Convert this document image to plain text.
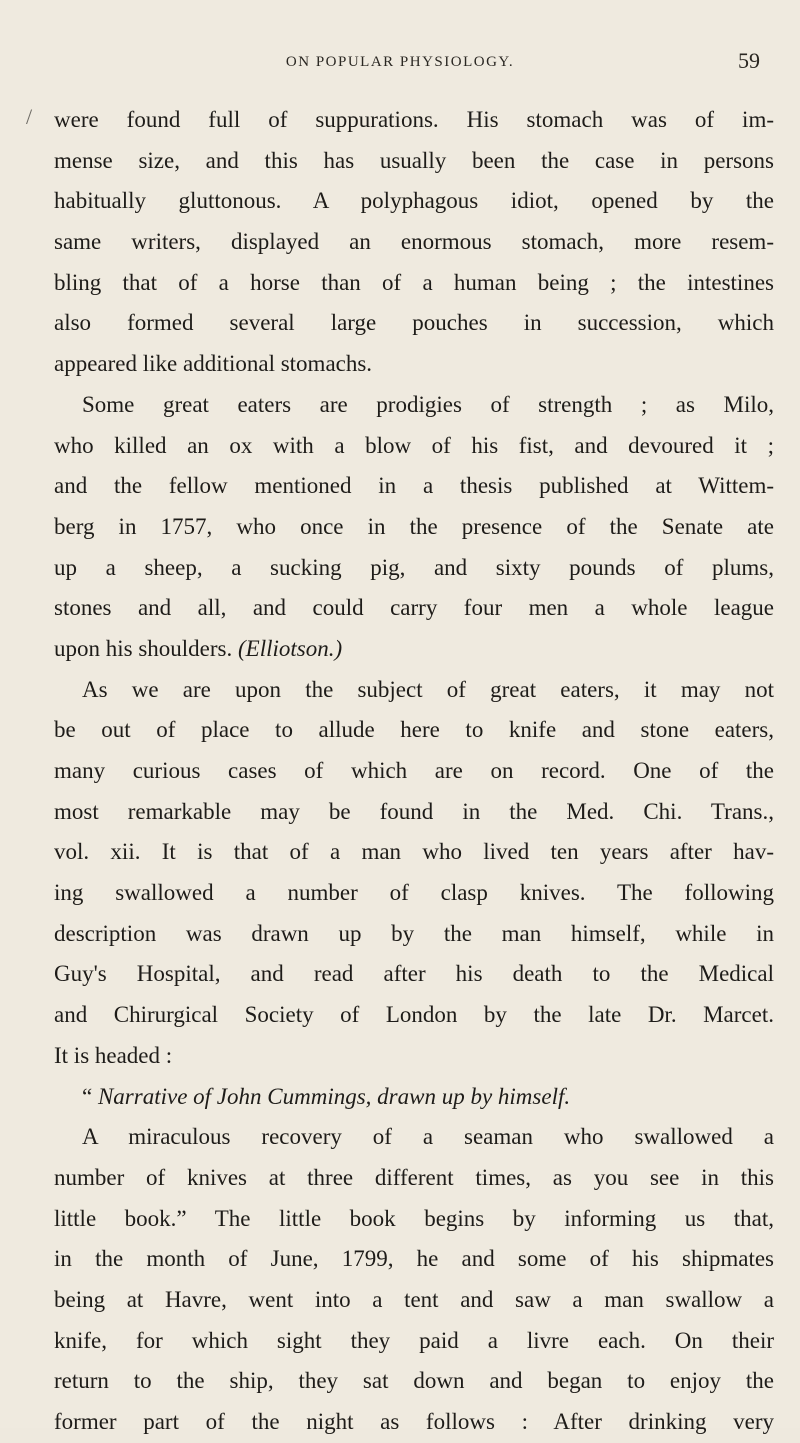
ON POPULAR PHYSIOLOGY.	59
/ were found full of suppurations. His stomach was of im-
mense size, and this has usually been the case in persons
habitually gluttonous. A polyphagous idiot, opened by the
same writers, displayed an enormous stomach, more resem-
bling that of a horse than of a human being ; the intestines
also formed several large pouches in succession, which
appeared like additional stomachs.
Some great eaters are prodigies of strength ; as Milo,
who killed an ox with a blow of his fist, and devoured it ;
and the fellow mentioned in a thesis published at Wittem-
berg in 1757, who once in the presence of the Senate ate
up a sheep, a sucking pig, and sixty pounds of plums,
stones and all, and could carry four men a whole league
upon his shoulders. (Elliotson.)
As we are upon the subject of great eaters, it may not
be out of place to allude here to knife and stone eaters,
many curious cases of which are on record. One of the
most remarkable may be found in the Med. Chi. Trans.,
vol. xii. It is that of a man who lived ten years after hav-
ing swallowed a number of clasp knives. The following
description was drawn up by the man himself, while in
Guy's Hospital, and read after his death to the Medical
and Chirurgical Society of London by the late Dr. Marcet.
It is headed :
“ Narrative of John Cummings, drawn up by himself.
A miraculous recovery of a seaman who swallowed a
number of knives at three different times, as you see in this
little book.” The little book begins by informing us that,
in the month of June, 1799, he and some of his shipmates
being at Havre, went into a tent and saw a man swallow a
knife, for which sight they paid a livre each. On their
return to the ship, they sat down and began to enjoy the
former part of the night as follows : After drinking very
